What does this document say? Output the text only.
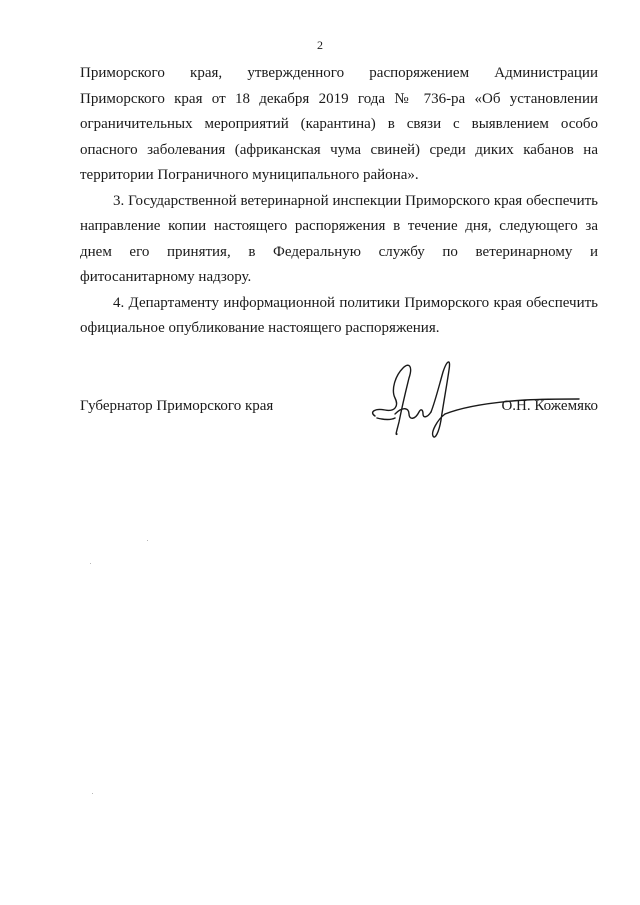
2

Приморского края, утвержденного распоряжением Администрации Приморского края от 18 декабря 2019 года № 736-ра «Об установлении ограничительных мероприятий (карантина) в связи с выявлением особо опасного заболевания (африканская чума свиней) среди диких кабанов на территории Пограничного муниципального района».

3. Государственной ветеринарной инспекции Приморского края обеспечить направление копии настоящего распоряжения в течение дня, следующего за днем его принятия, в Федеральную службу по ветеринарному и фитосанитарному надзору.

4. Департаменту информационной политики Приморского края обеспечить официальное опубликование настоящего распоряжения.

Губернатор Приморского края	О.Н. Кожемяко
